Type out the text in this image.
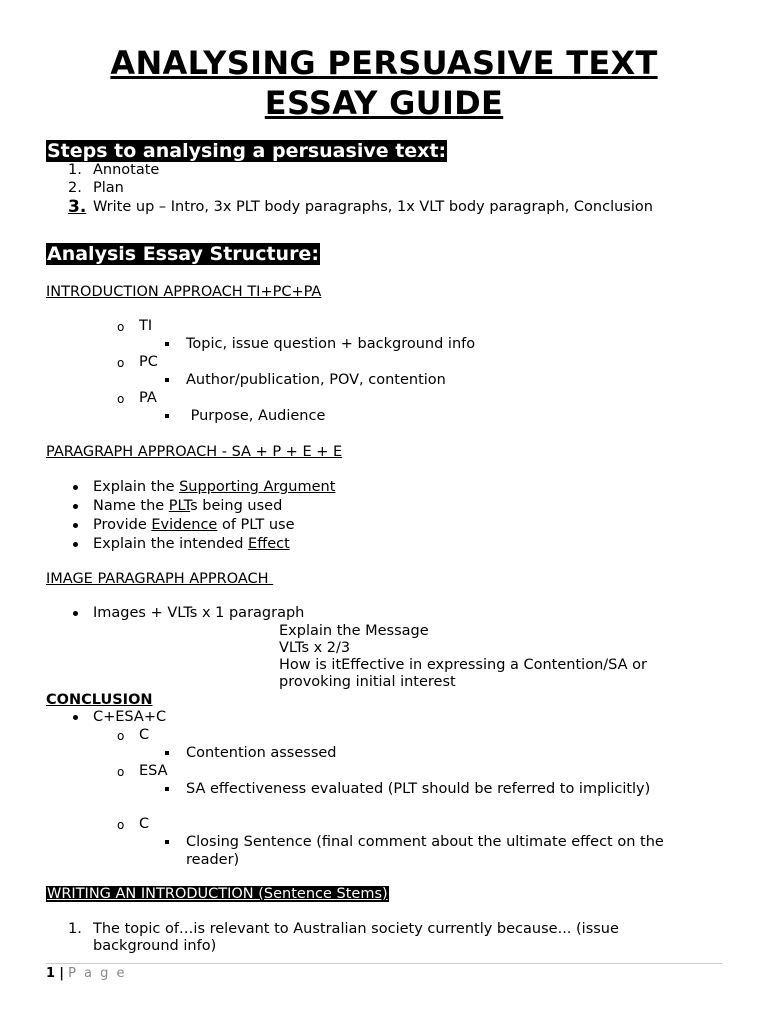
ANALYSING PERSUASIVE TEXT
ESSAY GUIDE
Steps to analysing a persuasive text:
1. Annotate
2. Plan
3. Write up – Intro, 3x PLT body paragraphs, 1x VLT body paragraph, Conclusion
Analysis Essay Structure:
INTRODUCTION APPROACH TI+PC+PA
o TI
Topic, issue question + background info
o PC
Author/publication, POV, contention
o PA
Purpose, Audience
PARAGRAPH APPROACH - SA + P + E + E
Explain the Supporting Argument
Name the PLTs being used
Provide Evidence of PLT use
Explain the intended Effect
IMAGE PARAGRAPH APPROACH
Images + VLTs x 1 paragraph
Explain the Message
VLTs x 2/3
How is itEffective in expressing a Contention/SA or
provoking initial interest
CONCLUSION
C+ESA+C
o C
Contention assessed
o ESA
SA effectiveness evaluated (PLT should be referred to implicitly)
o C
Closing Sentence (final comment about the ultimate effect on the
reader)
WRITING AN INTRODUCTION (Sentence Stems)
1. The topic of…is relevant to Australian society currently because... (issue
background info)
1 | P a g e
